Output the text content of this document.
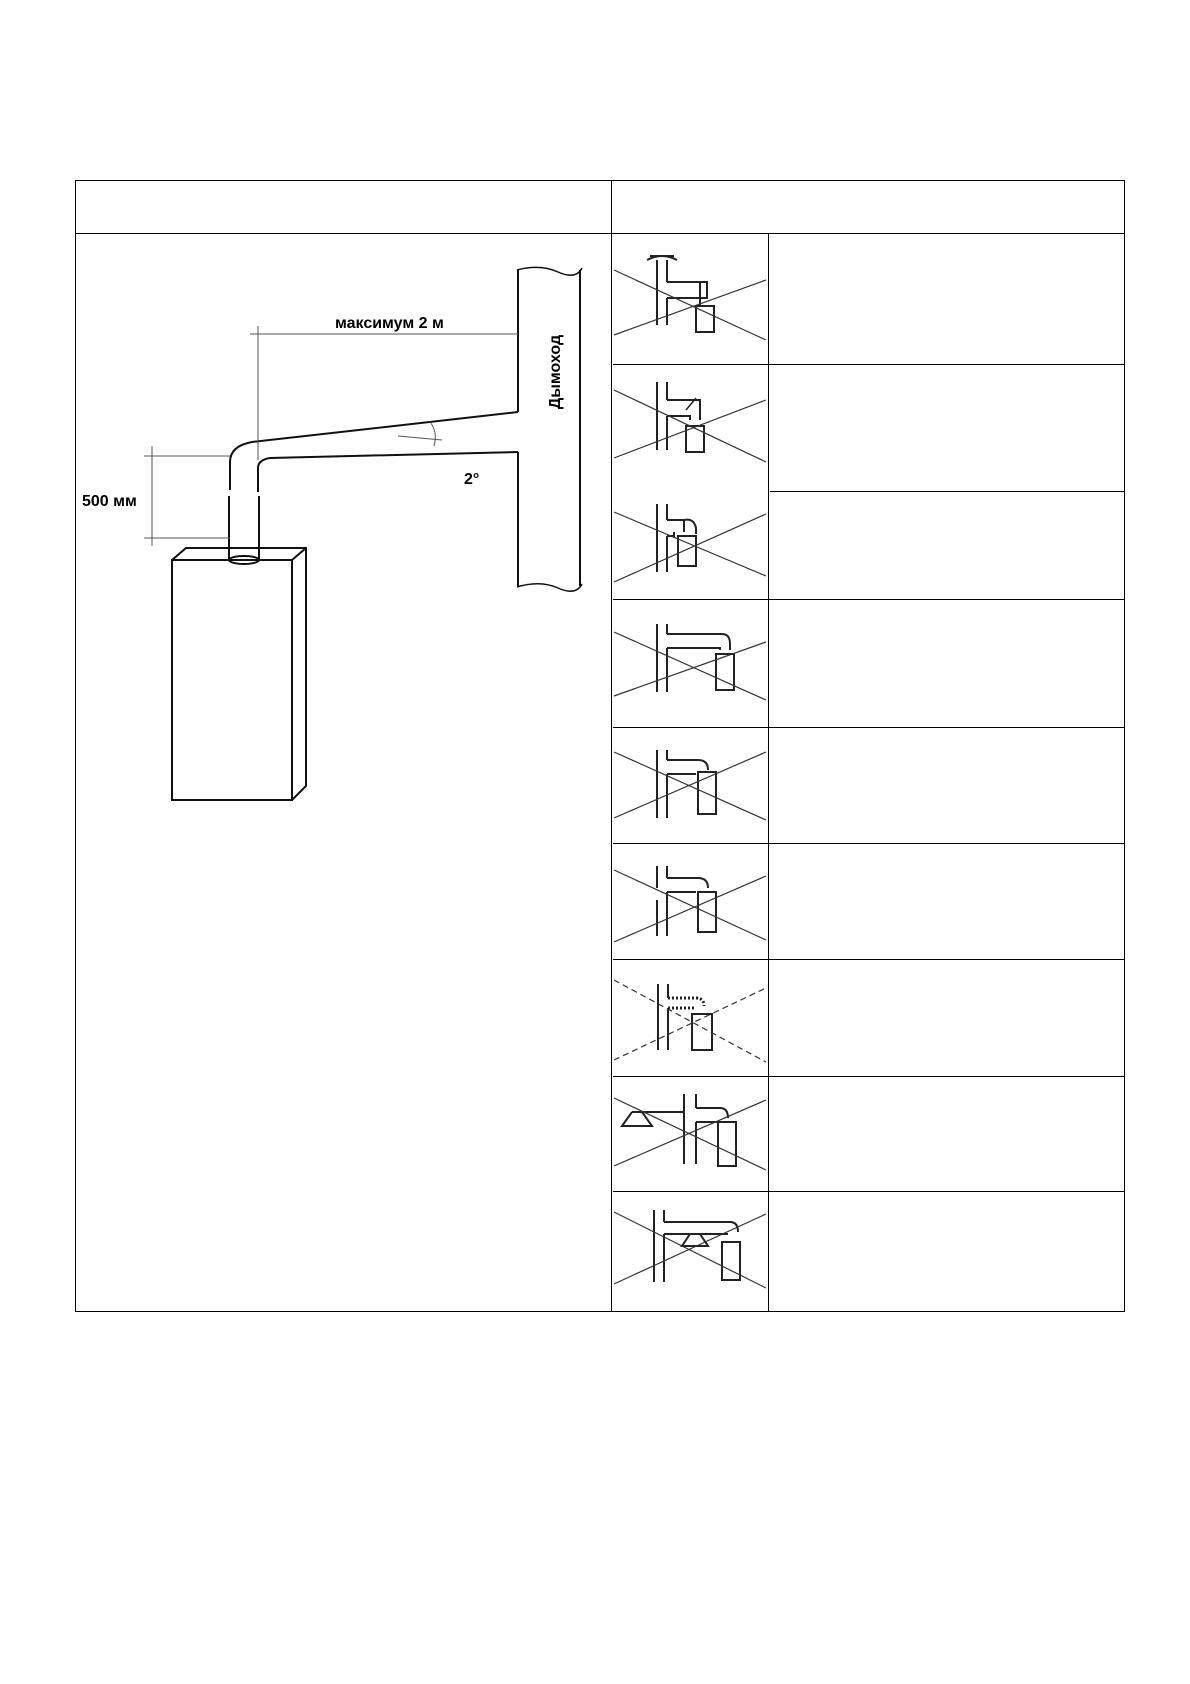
максимум 2 м
500 мм
2°
Дымоход
